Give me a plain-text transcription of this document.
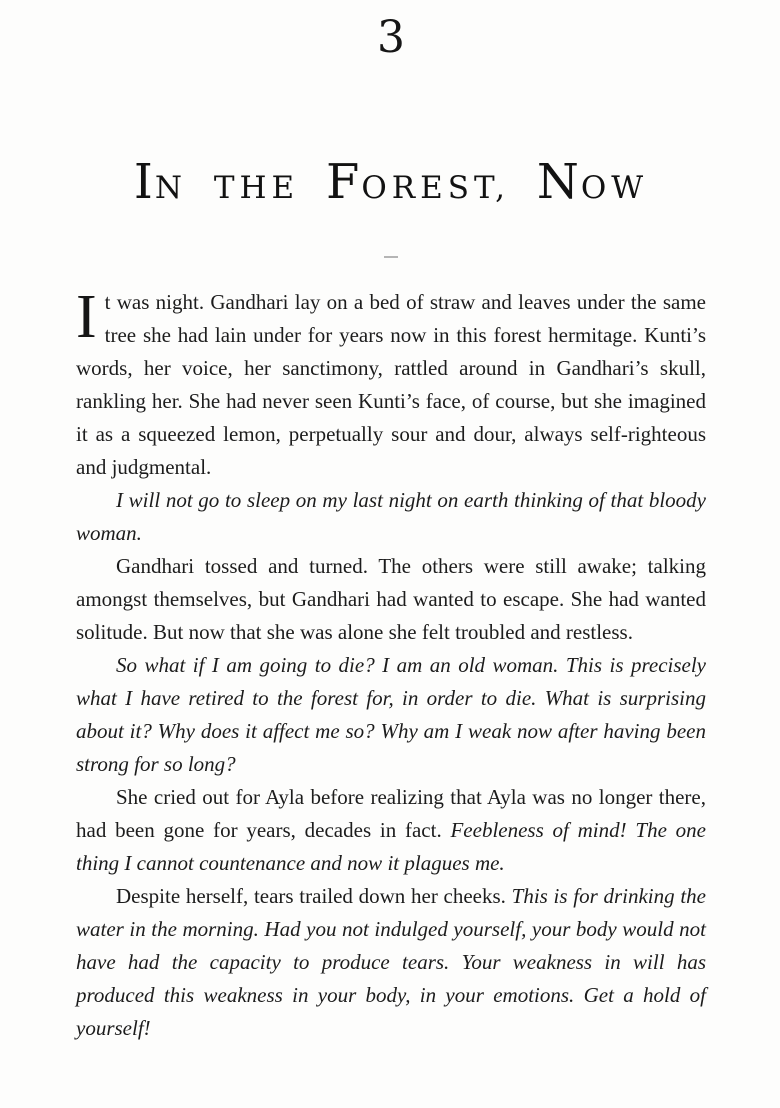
3
IN THE FOREST, NOW

It was night. Gandhari lay on a bed of straw and leaves under the same tree she had lain under for years now in this forest hermitage. Kunti’s words, her voice, her sanctimony, rattled around in Gandhari’s skull, rankling her. She had never seen Kunti’s face, of course, but she imagined it as a squeezed lemon, perpetually sour and dour, always self-righteous and judgmental.

I will not go to sleep on my last night on earth thinking of that bloody woman.

Gandhari tossed and turned. The others were still awake; talking amongst themselves, but Gandhari had wanted to escape. She had wanted solitude. But now that she was alone she felt troubled and restless.

So what if I am going to die? I am an old woman. This is precisely what I have retired to the forest for, in order to die. What is surprising about it? Why does it affect me so? Why am I weak now after having been strong for so long?

She cried out for Ayla before realizing that Ayla was no longer there, had been gone for years, decades in fact. Feebleness of mind! The one thing I cannot countenance and now it plagues me.

Despite herself, tears trailed down her cheeks. This is for drinking the water in the morning. Had you not indulged yourself, your body would not have had the capacity to produce tears. Your weakness in will has produced this weakness in your body, in your emotions. Get a hold of yourself!
